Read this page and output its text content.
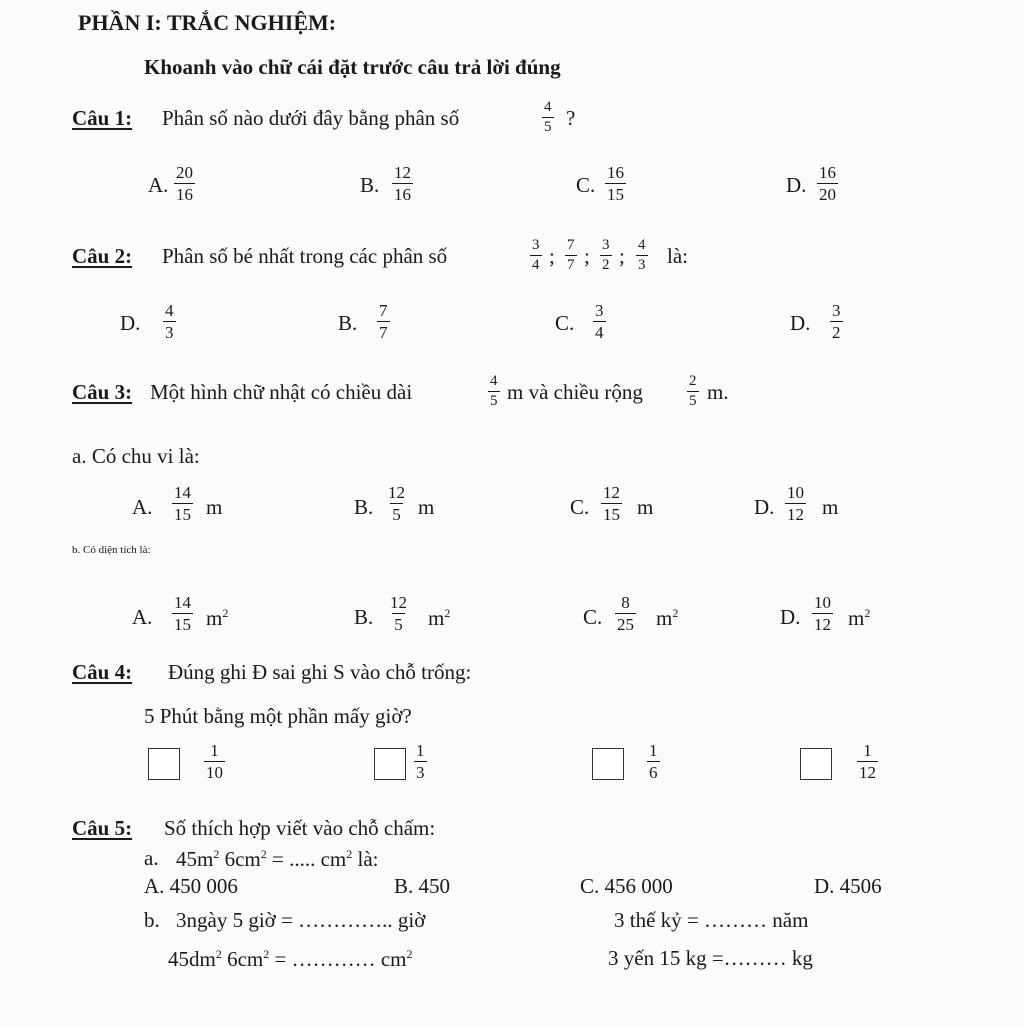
PHẦN I: TRẮC NGHIỆM:
Khoanh vào chữ cái đặt trước câu trả lời đúng
Câu 1: Phân số nào dưới đây bằng phân số	$\frac{4}{5}$ ?
A. $\frac{20}{16}$	B. $\frac{12}{16}$	C. $\frac{16}{15}$	D. $\frac{16}{20}$
Câu 2: Phân số bé nhất trong các phân số	$\frac{3}{4}$ ; $\frac{7}{7}$ ; $\frac{3}{2}$ ; $\frac{4}{3}$ là:
D. $\frac{4}{3}$	B. $\frac{7}{7}$	C. $\frac{3}{4}$	D. $\frac{3}{2}$
Câu 3: Một hình chữ nhật có chiều dài	$\frac{4}{5}$ m và chiều rộng	$\frac{2}{5} m$.
a. Có chu vi là:
A. $\frac{14}{15}$ m	B. $\frac{12}{5}$ m	C. $\frac{12}{15}$ m	D. $\frac{10}{12}$ m
b. Có diện tích là:
A. $\frac{14}{15} m^2$	B. $\frac{12}{5} m^2$	C. $\frac{8}{25} m^2$	D. $\frac{10}{12} m^2$
Câu 4: Đúng ghi Đ sai ghi S vào chỗ trống:
5 Phút bằng một phần mấy giờ?
$\frac{1}{10}$	$\frac{1}{3}$	$\frac{1}{6}$	$\frac{1}{12}$
Câu 5: Số thích hợp viết vào chỗ chấm:
a. $45m^2$ $6cm^2$ = ..... $cm^2$ là:
A. 450 006	B. 450	C. 456 000	D. 4506
b. 3ngày 5 giờ = ………….. giờ	3 thế kỷ = ……… năm
$45dm^2$ $6cm^2$ = ………… $cm^2$	3 yến 15 kg =……… kg
